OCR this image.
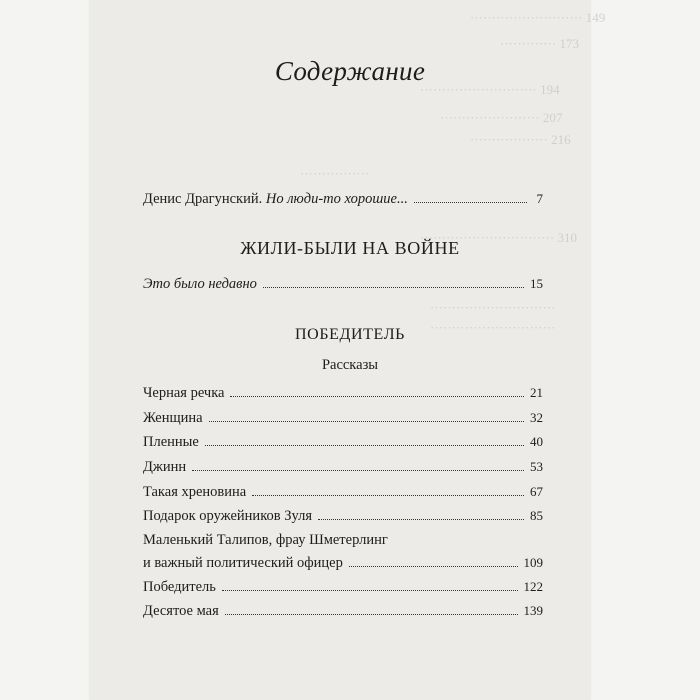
·························· 149
············· 173
··························· 194
······················· 207
·················· 216
················
······························· 310
·····························
·····························
Содержание
Денис Драгунский. Но люди-то хорошие...	7
ЖИЛИ-БЫЛИ НА ВОЙНЕ
Это было недавно	15
ПОБЕДИТЕЛЬ
Рассказы
Черная речка	21
Женщина	32
Пленные	40
Джинн	53
Такая хреновина	67
Подарок оружейников Зуля	85
Маленький Талипов, фрау Шметерлинг
и важный политический офицер	109
Победитель	122
Десятое мая	139
